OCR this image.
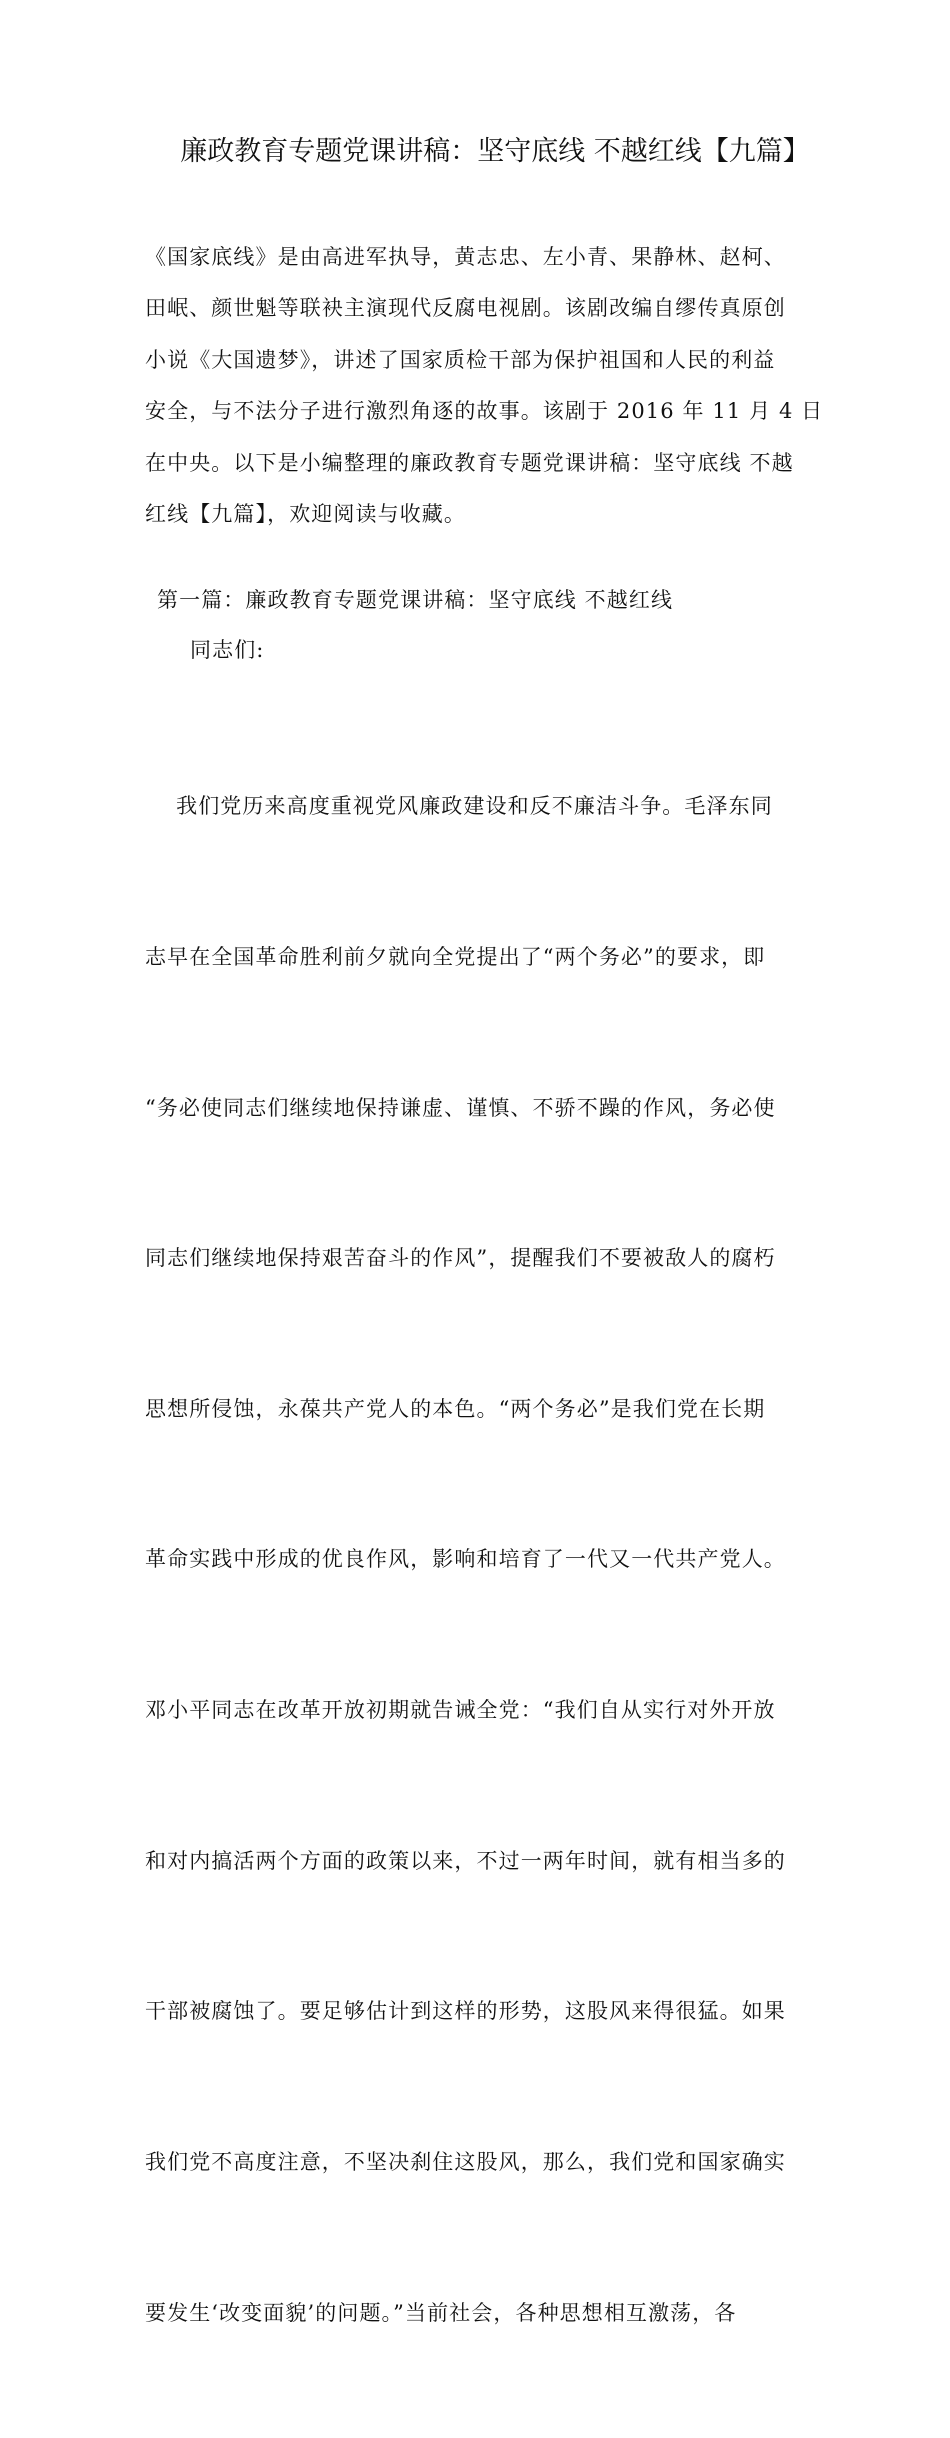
廉政教育专题党课讲稿：坚守底线 不越红线【九篇】
《国家底线》是由高进军执导，黄志忠、左小青、果静林、赵柯、
田岷、颜世魁等联袂主演现代反腐电视剧。该剧改编自缪传真原创
小说《大国遗梦》，讲述了国家质检干部为保护祖国和人民的利益
安全，与不法分子进行激烈角逐的故事。该剧于 2016 年 11 月 4 日
在中央。以下是小编整理的廉政教育专题党课讲稿：坚守底线 不越
红线【九篇】，欢迎阅读与收藏。
第一篇：廉政教育专题党课讲稿：坚守底线 不越红线
同志们:

我们党历来高度重视党风廉政建设和反不廉洁斗争。毛泽东同

志早在全国革命胜利前夕就向全党提出了“两个务必”的要求，即

“务必使同志们继续地保持谦虚、谨慎、不骄不躁的作风，务必使

同志们继续地保持艰苦奋斗的作风”，提醒我们不要被敌人的腐朽

思想所侵蚀，永葆共产党人的本色。“两个务必”是我们党在长期

革命实践中形成的优良作风，影响和培育了一代又一代共产党人。

邓小平同志在改革开放初期就告诫全党：“我们自从实行对外开放

和对内搞活两个方面的政策以来，不过一两年时间，就有相当多的

干部被腐蚀了。要足够估计到这样的形势，这股风来得很猛。如果

我们党不高度注意，不坚决刹住这股风，那么，我们党和国家确实

要发生‘改变面貌’的问题。”当前社会，各种思想相互激荡，各
